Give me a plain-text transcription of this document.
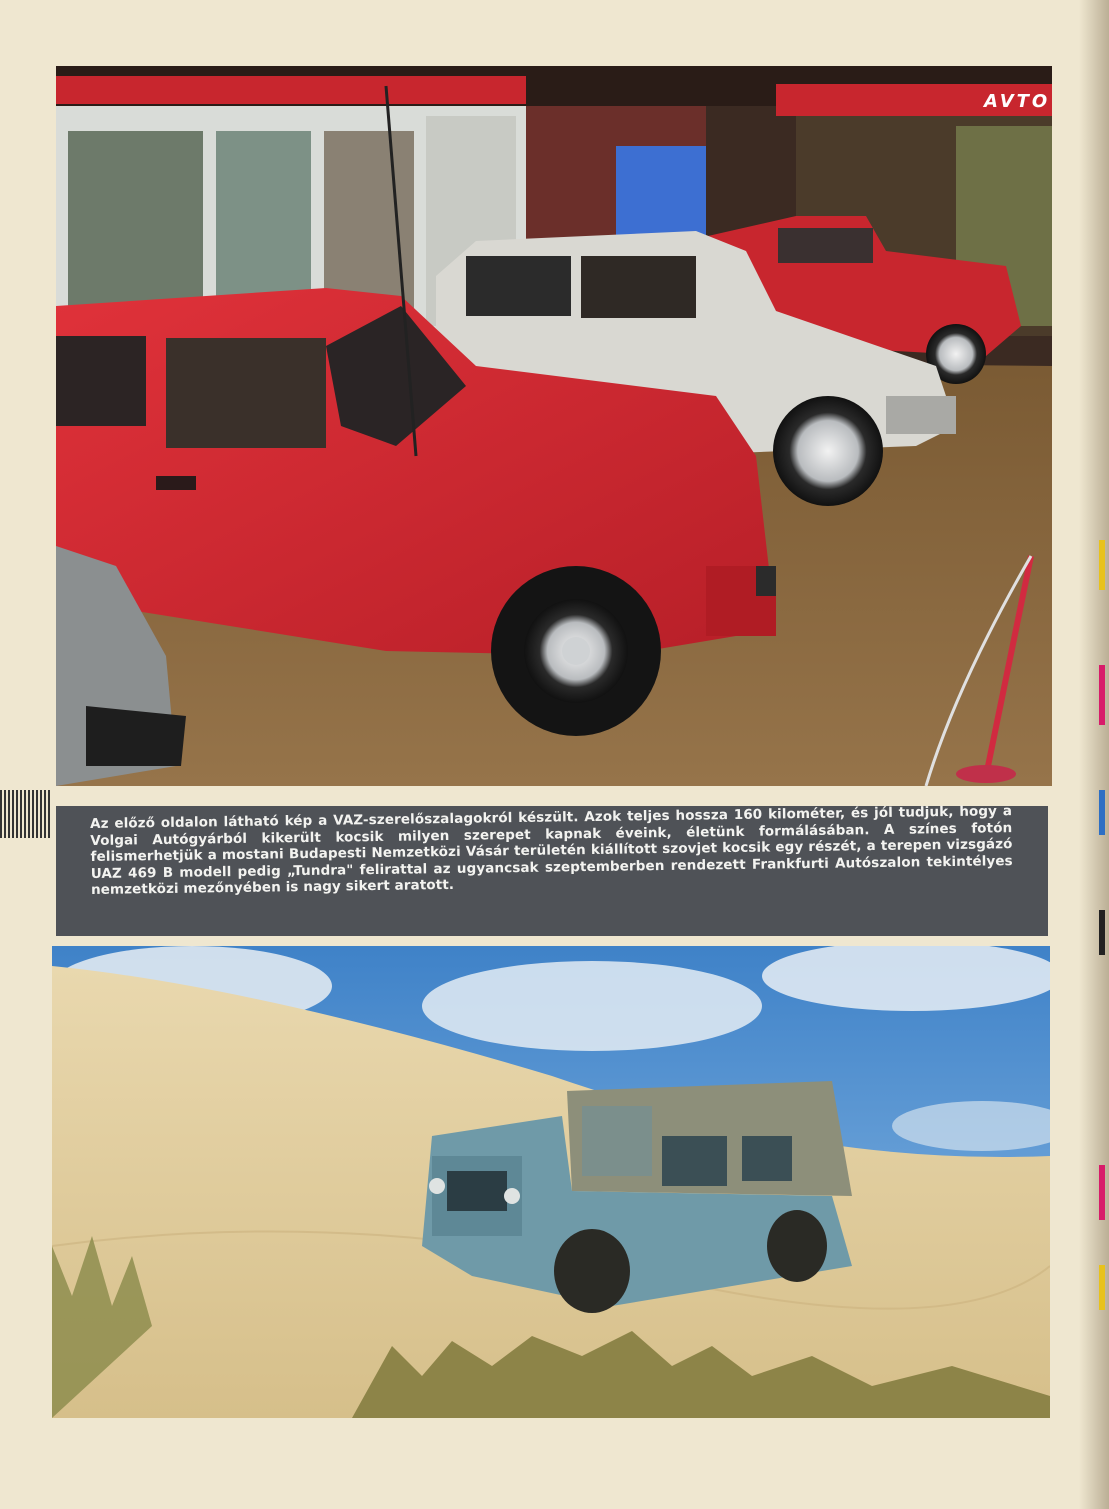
AVTO

Az előző oldalon látható kép a VAZ-szerelőszalagokról készült. Azok teljes hossza 160 kilométer, és jól tudjuk, hogy a Volgai Autógyárból kikerült kocsik milyen szerepet kapnak éveink, életünk formálásában. A színes fotón felismerhetjük a mostani Budapesti Nemzetközi Vásár területén kiállított szovjet kocsik egy részét, a terepen vizsgázó UAZ 469 B modell pedig „Tundra" felirattal az ugyancsak szeptemberben rendezett Frankfurti Autószalon tekintélyes nemzetközi mezőnyében is nagy sikert aratott.
